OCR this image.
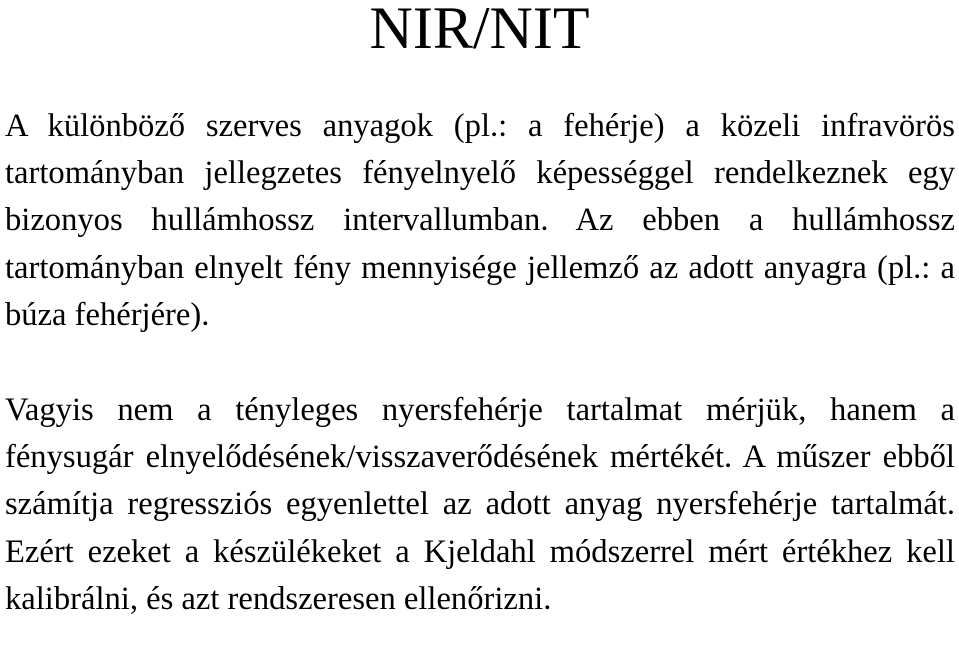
NIR/NIT

A különböző szerves anyagok (pl.: a fehérje) a közeli infravörös tartományban jellegzetes fényelnyelő képességgel rendelkeznek egy bizonyos hullámhossz intervallumban. Az ebben a hullámhossz tartományban elnyelt fény mennyisége jellemző az adott anyagra (pl.: a búza fehérjére).

Vagyis nem a tényleges nyersfehérje tartalmat mérjük, hanem a fénysugár elnyelődésének/visszaverődésének mértékét. A műszer ebből számítja regressziós egyenlettel az adott anyag nyersfehérje tartalmát. Ezért ezeket a készülékeket a Kjeldahl módszerrel mért értékhez kell kalibrálni, és azt rendszeresen ellenőrizni.
